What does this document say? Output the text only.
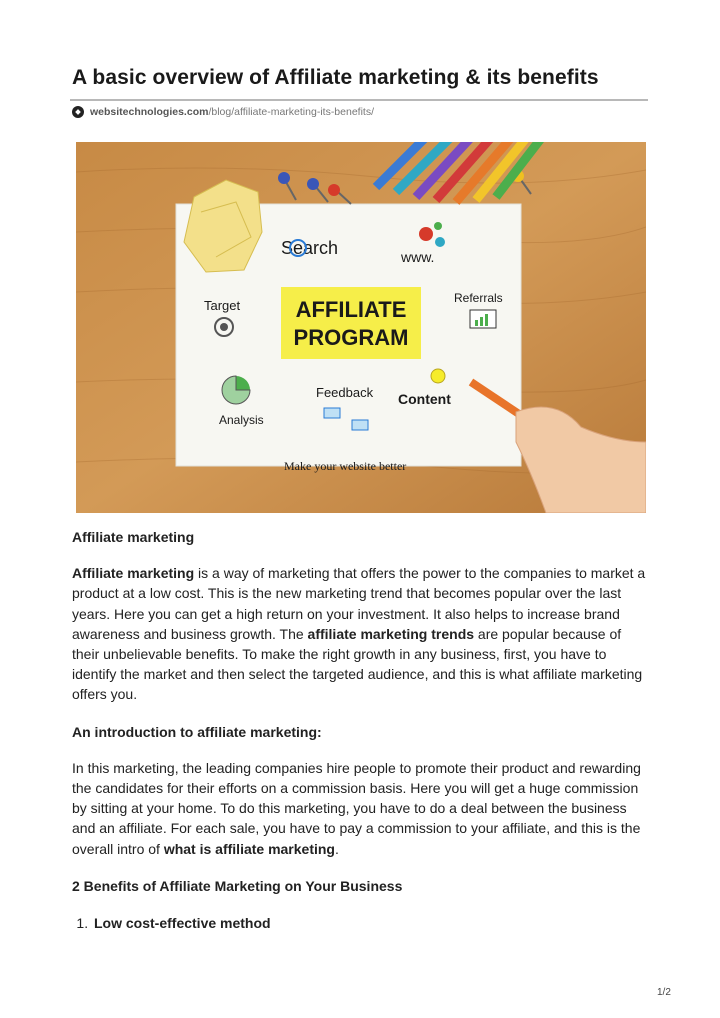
A basic overview of Affiliate marketing & its benefits
websitechnologies.com/blog/affiliate-marketing-its-benefits/
AFFILIATE
PROGRAM
Search	www.
Target	Referrals
Feedback Content
Analysis
Make your website better

Affiliate marketing

Affiliate marketing is a way of marketing that offers the power to the companies to market a product at a low cost. This is the new marketing trend that becomes popular over the last years. Here you can get a high return on your investment. It also helps to increase brand awareness and business growth. The affiliate marketing trends are popular because of their unbelievable benefits. To make the right growth in any business, first, you have to identify the market and then select the targeted audience, and this is what affiliate marketing offers you.

An introduction to affiliate marketing:

In this marketing, the leading companies hire people to promote their product and rewarding the candidates for their efforts on a commission basis. Here you will get a huge commission by sitting at your home. To do this marketing, you have to do a deal between the business and an affiliate. For each sale, you have to pay a commission to your affiliate, and this is the overall intro of what is affiliate marketing.

2 Benefits of Affiliate Marketing on Your Business

1. Low cost-effective method
1/2
